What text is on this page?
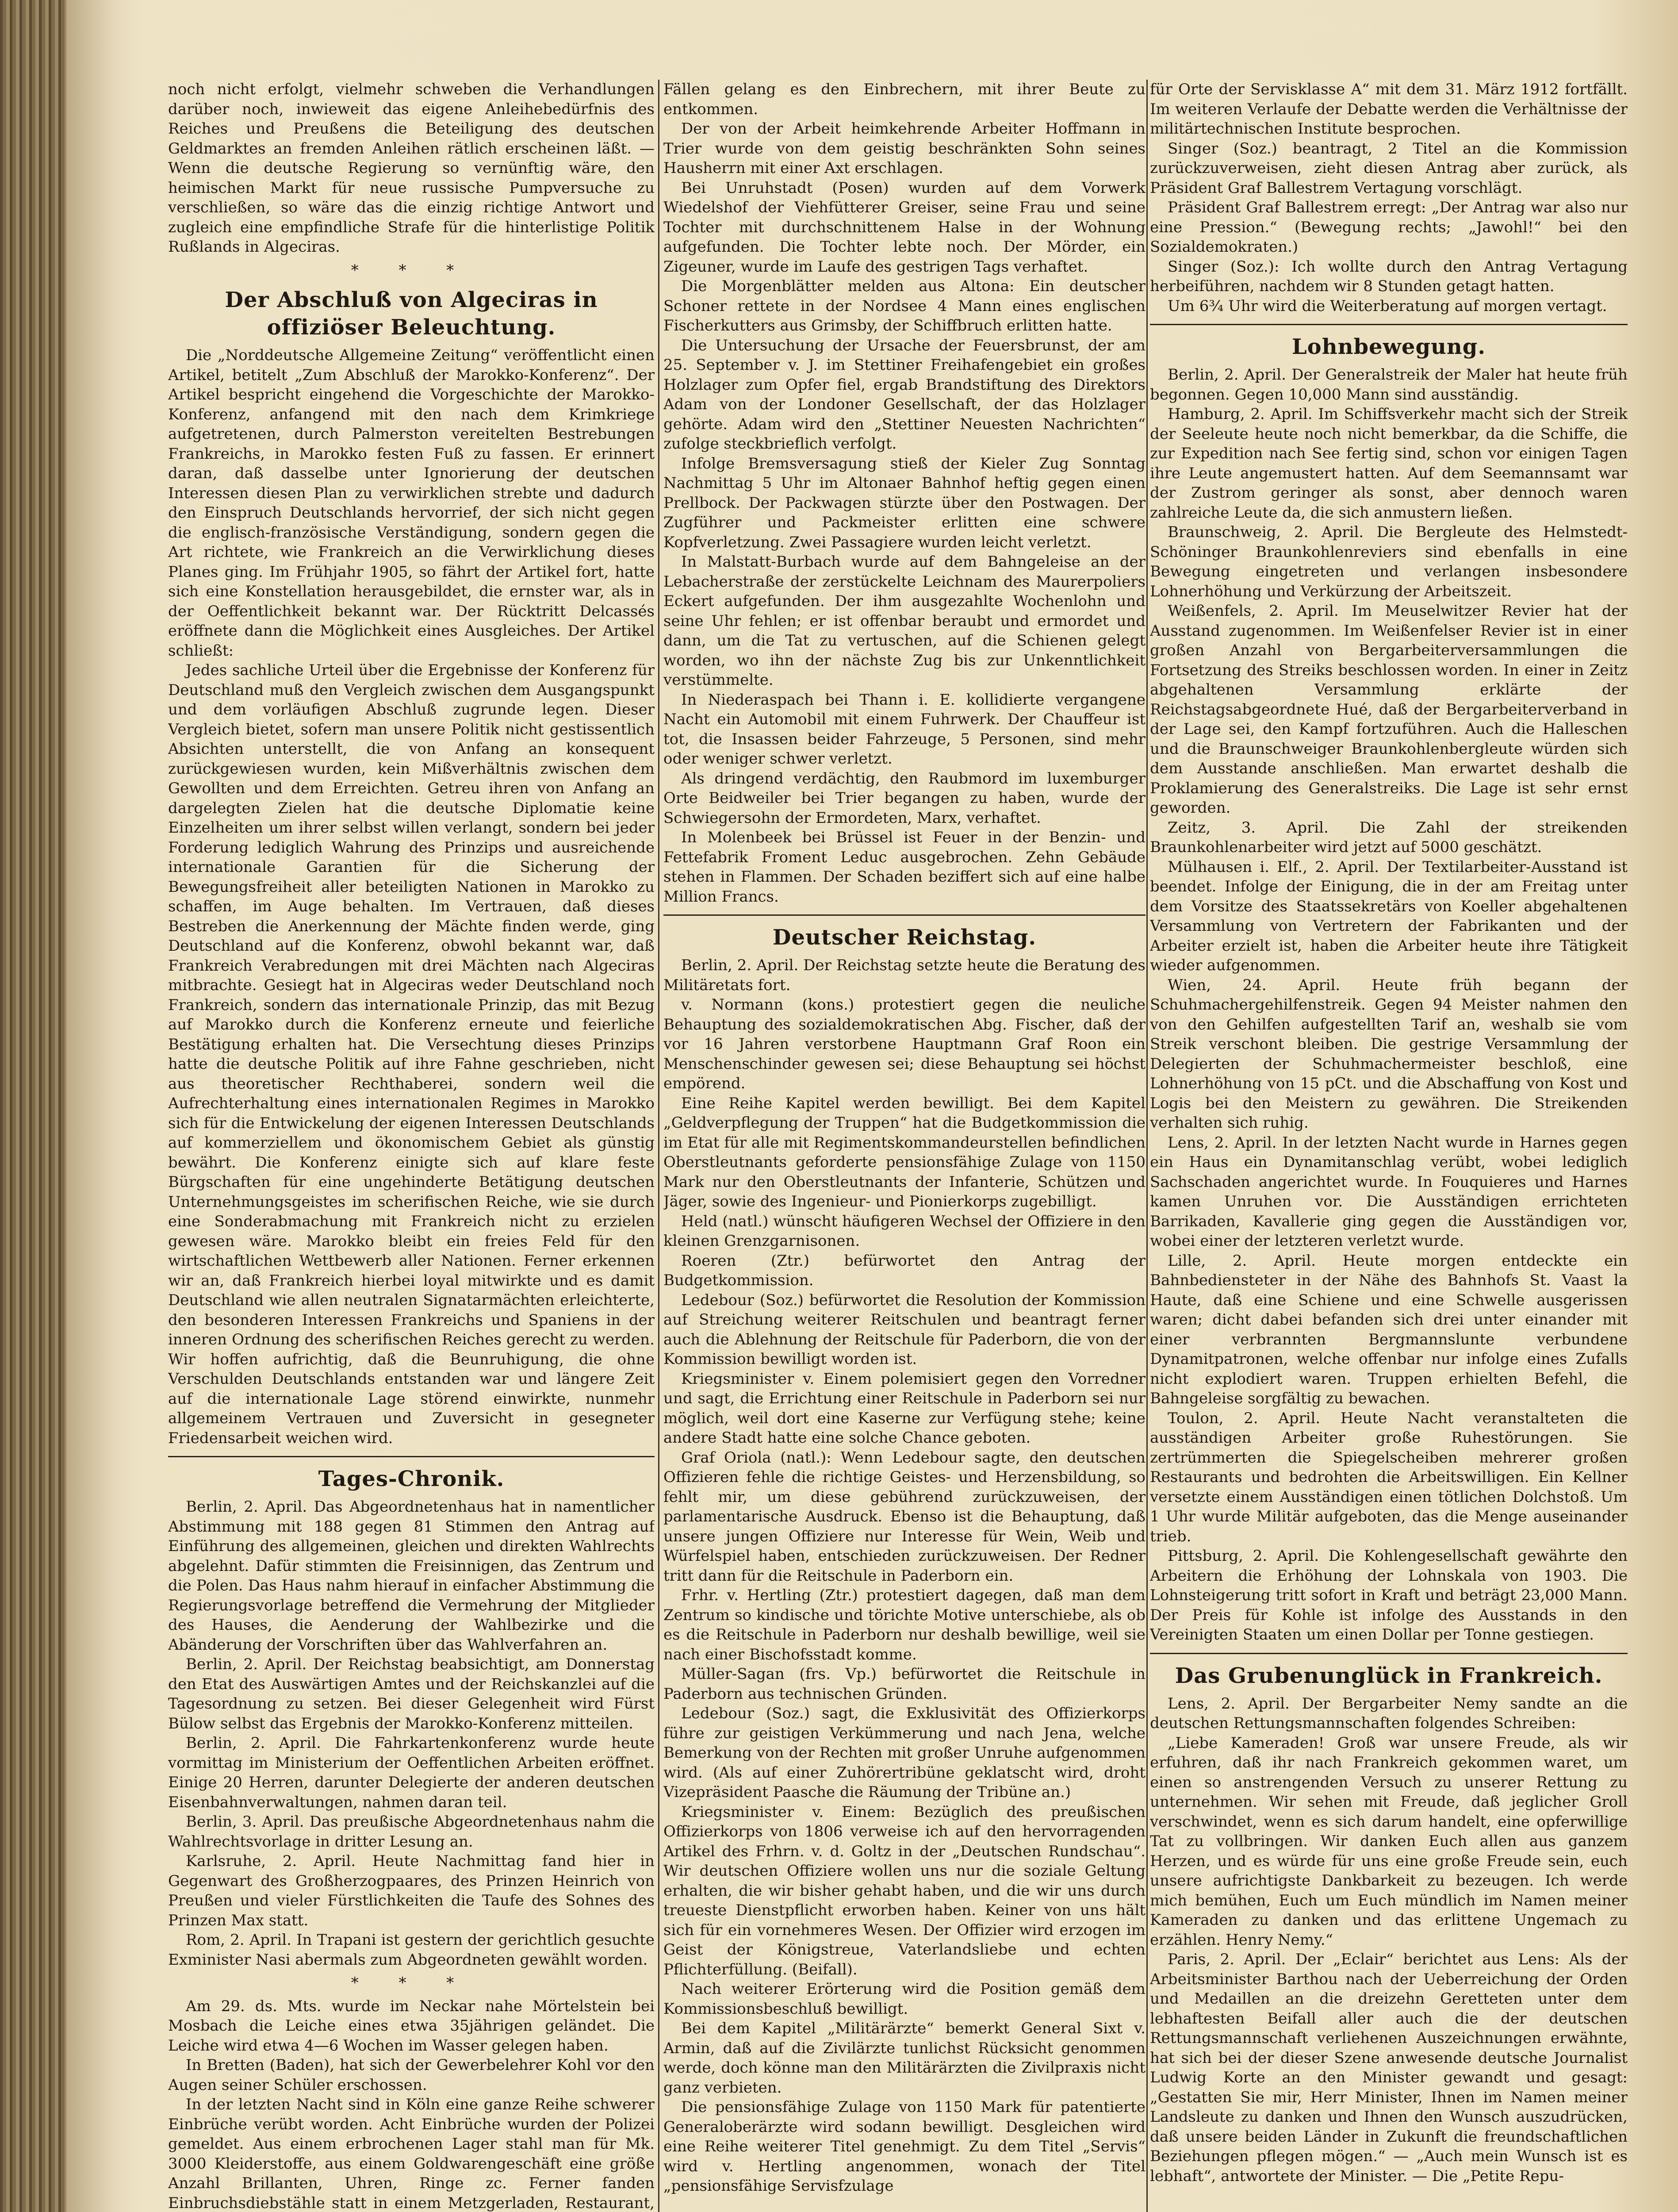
noch nicht erfolgt, vielmehr schweben die Verhandlungen darüber noch, inwieweit das eigene Anleihebedürfnis des Reiches und Preußens die Beteiligung des deutschen Geldmarktes an fremden Anleihen rätlich erscheinen läßt. — Wenn die deutsche Regierung so vernünftig wäre, den heimischen Markt für neue russische Pumpversuche zu verschließen, so wäre das die einzig richtige Antwort und zugleich eine empfindliche Strafe für die hinterlistige Politik Rußlands in Algeciras.

* * *
Der Abschluß von Algeciras in offiziöser Beleuchtung.

Die „Norddeutsche Allgemeine Zeitung“ veröffentlicht einen Artikel, betitelt „Zum Abschluß der Marokko-Konferenz“. Der Artikel bespricht eingehend die Vorgeschichte der Marokko-Konferenz, anfangend mit den nach dem Krimkriege aufgetretenen, durch Palmerston vereitelten Bestrebungen Frankreichs, in Marokko festen Fuß zu fassen. Er erinnert daran, daß dasselbe unter Ignorierung der deutschen Interessen diesen Plan zu verwirklichen strebte und dadurch den Einspruch Deutschlands hervorrief, der sich nicht gegen die englisch-französische Verständigung, sondern gegen die Art richtete, wie Frankreich an die Verwirklichung dieses Planes ging. Im Frühjahr 1905, so fährt der Artikel fort, hatte sich eine Konstellation herausgebildet, die ernster war, als in der Oeffentlichkeit bekannt war. Der Rücktritt Delcassés eröffnete dann die Möglichkeit eines Ausgleiches. Der Artikel schließt:

Jedes sachliche Urteil über die Ergebnisse der Konferenz für Deutschland muß den Vergleich zwischen dem Ausgangspunkt und dem vorläufigen Abschluß zugrunde legen. Dieser Vergleich bietet, sofern man unsere Politik nicht gestissentlich Absichten unterstellt, die von Anfang an konsequent zurückgewiesen wurden, kein Mißverhältnis zwischen dem Gewollten und dem Erreichten. Getreu ihren von Anfang an dargelegten Zielen hat die deutsche Diplomatie keine Einzelheiten um ihrer selbst willen verlangt, sondern bei jeder Forderung lediglich Wahrung des Prinzips und ausreichende internationale Garantien für die Sicherung der Bewegungsfreiheit aller beteiligten Nationen in Marokko zu schaffen, im Auge behalten. Im Vertrauen, daß dieses Bestreben die Anerkennung der Mächte finden werde, ging Deutschland auf die Konferenz, obwohl bekannt war, daß Frankreich Verabredungen mit drei Mächten nach Algeciras mitbrachte. Gesiegt hat in Algeciras weder Deutschland noch Frankreich, sondern das internationale Prinzip, das mit Bezug auf Marokko durch die Konferenz erneute und feierliche Bestätigung erhalten hat. Die Versechtung dieses Prinzips hatte die deutsche Politik auf ihre Fahne geschrieben, nicht aus theoretischer Rechthaberei, sondern weil die Aufrechterhaltung eines internationalen Regimes in Marokko sich für die Entwickelung der eigenen Interessen Deutschlands auf kommerziellem und ökonomischem Gebiet als günstig bewährt. Die Konferenz einigte sich auf klare feste Bürgschaften für eine ungehinderte Betätigung deutschen Unternehmungsgeistes im scherifischen Reiche, wie sie durch eine Sonderabmachung mit Frankreich nicht zu erzielen gewesen wäre. Marokko bleibt ein freies Feld für den wirtschaftlichen Wettbewerb aller Nationen. Ferner erkennen wir an, daß Frankreich hierbei loyal mitwirkte und es damit Deutschland wie allen neutralen Signatarmächten erleichterte, den besonderen Interessen Frankreichs und Spaniens in der inneren Ordnung des scherifischen Reiches gerecht zu werden. Wir hoffen aufrichtig, daß die Beunruhigung, die ohne Verschulden Deutschlands entstanden war und längere Zeit auf die internationale Lage störend einwirkte, nunmehr allgemeinem Vertrauen und Zuversicht in gesegneter Friedensarbeit weichen wird.

Tages-Chronik.

Berlin, 2. April. Das Abgeordnetenhaus hat in namentlicher Abstimmung mit 188 gegen 81 Stimmen den Antrag auf Einführung des allgemeinen, gleichen und direkten Wahlrechts abgelehnt. Dafür stimmten die Freisinnigen, das Zentrum und die Polen. Das Haus nahm hierauf in einfacher Abstimmung die Regierungsvorlage betreffend die Vermehrung der Mitglieder des Hauses, die Aenderung der Wahlbezirke und die Abänderung der Vorschriften über das Wahlverfahren an.

Berlin, 2. April. Der Reichstag beabsichtigt, am Donnerstag den Etat des Auswärtigen Amtes und der Reichskanzlei auf die Tagesordnung zu setzen. Bei dieser Gelegenheit wird Fürst Bülow selbst das Ergebnis der Marokko-Konferenz mitteilen.

Berlin, 2. April. Die Fahrkartenkonferenz wurde heute vormittag im Ministerium der Oeffentlichen Arbeiten eröffnet. Einige 20 Herren, darunter Delegierte der anderen deutschen Eisenbahnverwaltungen, nahmen daran teil.

Berlin, 3. April. Das preußische Abgeordnetenhaus nahm die Wahlrechtsvorlage in dritter Lesung an.

Karlsruhe, 2. April. Heute Nachmittag fand hier in Gegenwart des Großherzogpaares, des Prinzen Heinrich von Preußen und vieler Fürstlichkeiten die Taufe des Sohnes des Prinzen Max statt.

Rom, 2. April. In Trapani ist gestern der gerichtlich gesuchte Exminister Nasi abermals zum Abgeordneten gewählt worden.

* * *

Am 29. ds. Mts. wurde im Neckar nahe Mörtelstein bei Mosbach die Leiche eines etwa 35jährigen geländet. Die Leiche wird etwa 4—6 Wochen im Wasser gelegen haben.

In Bretten (Baden), hat sich der Gewerbelehrer Kohl vor den Augen seiner Schüler erschossen.

In der letzten Nacht sind in Köln eine ganze Reihe schwerer Einbrüche verübt worden. Acht Einbrüche wurden der Polizei gemeldet. Aus einem erbrochenen Lager stahl man für Mk. 3000 Kleiderstoffe, aus einem Goldwarengeschäft eine größe Anzahl Brillanten, Uhren, Ringe zc. Ferner fanden Einbruchsdiebstähle statt in einem Metzgerladen, Restaurant,

Fällen gelang es den Einbrechern, mit ihrer Beute zu entkommen.

Der von der Arbeit heimkehrende Arbeiter Hoffmann in Trier wurde von dem geistig beschränkten Sohn seines Hausherrn mit einer Axt erschlagen.

Bei Unruhstadt (Posen) wurden auf dem Vorwerk Wiedelshof der Viehfütterer Greiser, seine Frau und seine Tochter mit durchschnittenem Halse in der Wohnung aufgefunden. Die Tochter lebte noch. Der Mörder, ein Zigeuner, wurde im Laufe des gestrigen Tags verhaftet.

Die Morgenblätter melden aus Altona: Ein deutscher Schoner rettete in der Nordsee 4 Mann eines englischen Fischerkutters aus Grimsby, der Schiffbruch erlitten hatte.

Die Untersuchung der Ursache der Feuersbrunst, der am 25. September v. J. im Stettiner Freihafengebiet ein großes Holzlager zum Opfer fiel, ergab Brandstiftung des Direktors Adam von der Londoner Gesellschaft, der das Holzlager gehörte. Adam wird den „Stettiner Neuesten Nachrichten“ zufolge steckbrieflich verfolgt.

Infolge Bremsversagung stieß der Kieler Zug Sonntag Nachmittag 5 Uhr im Altonaer Bahnhof heftig gegen einen Prellbock. Der Packwagen stürzte über den Postwagen. Der Zugführer und Packmeister erlitten eine schwere Kopfverletzung. Zwei Passagiere wurden leicht verletzt.

In Malstatt-Burbach wurde auf dem Bahngeleise an der Lebacherstraße der zerstückelte Leichnam des Maurerpoliers Eckert aufgefunden. Der ihm ausgezahlte Wochenlohn und seine Uhr fehlen; er ist offenbar beraubt und ermordet und dann, um die Tat zu vertuschen, auf die Schienen gelegt worden, wo ihn der nächste Zug bis zur Unkenntlichkeit verstümmelte.

In Niederaspach bei Thann i. E. kollidierte vergangene Nacht ein Automobil mit einem Fuhrwerk. Der Chauffeur ist tot, die Insassen beider Fahrzeuge, 5 Personen, sind mehr oder weniger schwer verletzt.

Als dringend verdächtig, den Raubmord im luxemburger Orte Beidweiler bei Trier begangen zu haben, wurde der Schwiegersohn der Ermordeten, Marx, verhaftet.

In Molenbeek bei Brüssel ist Feuer in der Benzin- und Fettefabrik Froment Leduc ausgebrochen. Zehn Gebäude stehen in Flammen. Der Schaden beziffert sich auf eine halbe Million Francs.

Deutscher Reichstag.

Berlin, 2. April. Der Reichstag setzte heute die Beratung des Militäretats fort.

v. Normann (kons.) protestiert gegen die neuliche Behauptung des sozialdemokratischen Abg. Fischer, daß der vor 16 Jahren verstorbene Hauptmann Graf Roon ein Menschenschinder gewesen sei; diese Behauptung sei höchst empörend.

Eine Reihe Kapitel werden bewilligt. Bei dem Kapitel „Geldverpflegung der Truppen“ hat die Budgetkommission die im Etat für alle mit Regimentskommandeurstellen befindlichen Oberstleutnants geforderte pensionsfähige Zulage von 1150 Mark nur den Oberstleutnants der Infanterie, Schützen und Jäger, sowie des Ingenieur- und Pionierkorps zugebilligt.

Held (natl.) wünscht häufigeren Wechsel der Offiziere in den kleinen Grenzgarnisonen.

Roeren (Ztr.) befürwortet den Antrag der Budgetkommission.

Ledebour (Soz.) befürwortet die Resolution der Kommission auf Streichung weiterer Reitschulen und beantragt ferner auch die Ablehnung der Reitschule für Paderborn, die von der Kommission bewilligt worden ist.

Kriegsminister v. Einem polemisiert gegen den Vorredner und sagt, die Errichtung einer Reitschule in Paderborn sei nur möglich, weil dort eine Kaserne zur Verfügung stehe; keine andere Stadt hatte eine solche Chance geboten.

Graf Oriola (natl.): Wenn Ledebour sagte, den deutschen Offizieren fehle die richtige Geistes- und Herzensbildung, so fehlt mir, um diese gebührend zurückzuweisen, der parlamentarische Ausdruck. Ebenso ist die Behauptung, daß unsere jungen Offiziere nur Interesse für Wein, Weib und Würfelspiel haben, entschieden zurückzuweisen. Der Redner tritt dann für die Reitschule in Paderborn ein.

Frhr. v. Hertling (Ztr.) protestiert dagegen, daß man dem Zentrum so kindische und törichte Motive unterschiebe, als ob es die Reitschule in Paderborn nur deshalb bewillige, weil sie nach einer Bischofsstadt komme.

Müller-Sagan (frs. Vp.) befürwortet die Reitschule in Paderborn aus technischen Gründen.

Ledebour (Soz.) sagt, die Exklusivität des Offizierkorps führe zur geistigen Verkümmerung und nach Jena, welche Bemerkung von der Rechten mit großer Unruhe aufgenommen wird. (Als auf einer Zuhörertribüne geklatscht wird, droht Vizepräsident Paasche die Räumung der Tribüne an.)

Kriegsminister v. Einem: Bezüglich des preußischen Offizierkorps von 1806 verweise ich auf den hervorragenden Artikel des Frhrn. v. d. Goltz in der „Deutschen Rundschau“. Wir deutschen Offiziere wollen uns nur die soziale Geltung erhalten, die wir bisher gehabt haben, und die wir uns durch treueste Dienstpflicht erworben haben. Keiner von uns hält sich für ein vornehmeres Wesen. Der Offizier wird erzogen im Geist der Königstreue, Vaterlandsliebe und echten Pflichterfüllung. (Beifall).

Nach weiterer Erörterung wird die Position gemäß dem Kommissionsbeschluß bewilligt.

Bei dem Kapitel „Militärärzte“ bemerkt General Sixt v. Armin, daß auf die Zivilärzte tunlichst Rücksicht genommen werde, doch könne man den Militärärzten die Zivilpraxis nicht ganz verbieten.

Die pensionsfähige Zulage von 1150 Mark für patentierte Generaloberärzte wird sodann bewilligt. Desgleichen wird eine Reihe weiterer Titel genehmigt. Zu dem Titel „Servis“ wird v. Hertling angenommen, wonach der Titel „pensionsfähige Servisfzulage

für Orte der Servisklasse A“ mit dem 31. März 1912 fortfällt. Im weiteren Verlaufe der Debatte werden die Verhältnisse der militärtechnischen Institute besprochen.

Singer (Soz.) beantragt, 2 Titel an die Kommission zurückzuverweisen, zieht diesen Antrag aber zurück, als Präsident Graf Ballestrem Vertagung vorschlägt.

Präsident Graf Ballestrem erregt: „Der Antrag war also nur eine Pression.“ (Bewegung rechts; „Jawohl!“ bei den Sozialdemokraten.)

Singer (Soz.): Ich wollte durch den Antrag Vertagung herbeiführen, nachdem wir 8 Stunden getagt hatten.

Um 6¾ Uhr wird die Weiterberatung auf morgen vertagt.

Lohnbewegung.

Berlin, 2. April. Der Generalstreik der Maler hat heute früh begonnen. Gegen 10,000 Mann sind ausständig.

Hamburg, 2. April. Im Schiffsverkehr macht sich der Streik der Seeleute heute noch nicht bemerkbar, da die Schiffe, die zur Expedition nach See fertig sind, schon vor einigen Tagen ihre Leute angemustert hatten. Auf dem Seemannsamt war der Zustrom geringer als sonst, aber dennoch waren zahlreiche Leute da, die sich anmustern ließen.

Braunschweig, 2. April. Die Bergleute des Helmstedt-Schöninger Braunkohlenreviers sind ebenfalls in eine Bewegung eingetreten und verlangen insbesondere Lohnerhöhung und Verkürzung der Arbeitszeit.

Weißenfels, 2. April. Im Meuselwitzer Revier hat der Ausstand zugenommen. Im Weißenfelser Revier ist in einer großen Anzahl von Bergarbeiterversammlungen die Fortsetzung des Streiks beschlossen worden. In einer in Zeitz abgehaltenen Versammlung erklärte der Reichstagsabgeordnete Hué, daß der Bergarbeiterverband in der Lage sei, den Kampf fortzuführen. Auch die Halleschen und die Braunschweiger Braunkohlenbergleute würden sich dem Ausstande anschließen. Man erwartet deshalb die Proklamierung des Generalstreiks. Die Lage ist sehr ernst geworden.

Zeitz, 3. April. Die Zahl der streikenden Braunkohlenarbeiter wird jetzt auf 5000 geschätzt.

Mülhausen i. Elf., 2. April. Der Textilarbeiter-Ausstand ist beendet. Infolge der Einigung, die in der am Freitag unter dem Vorsitze des Staatssekretärs von Koeller abgehaltenen Versammlung von Vertretern der Fabrikanten und der Arbeiter erzielt ist, haben die Arbeiter heute ihre Tätigkeit wieder aufgenommen.

Wien, 24. April. Heute früh begann der Schuhmachergehilfenstreik. Gegen 94 Meister nahmen den von den Gehilfen aufgestellten Tarif an, weshalb sie vom Streik verschont bleiben. Die gestrige Versammlung der Delegierten der Schuhmachermeister beschloß, eine Lohnerhöhung von 15 pCt. und die Abschaffung von Kost und Logis bei den Meistern zu gewähren. Die Streikenden verhalten sich ruhig.

Lens, 2. April. In der letzten Nacht wurde in Harnes gegen ein Haus ein Dynamitanschlag verübt, wobei lediglich Sachschaden angerichtet wurde. In Fouquieres und Harnes kamen Unruhen vor. Die Ausständigen errichteten Barrikaden, Kavallerie ging gegen die Ausständigen vor, wobei einer der letzteren verletzt wurde.

Lille, 2. April. Heute morgen entdeckte ein Bahnbediensteter in der Nähe des Bahnhofs St. Vaast la Haute, daß eine Schiene und eine Schwelle ausgerissen waren; dicht dabei befanden sich drei unter einander mit einer verbrannten Bergmannslunte verbundene Dynamitpatronen, welche offenbar nur infolge eines Zufalls nicht explodiert waren. Truppen erhielten Befehl, die Bahngeleise sorgfältig zu bewachen.

Toulon, 2. April. Heute Nacht veranstalteten die ausständigen Arbeiter große Ruhestörungen. Sie zertrümmerten die Spiegelscheiben mehrerer großen Restaurants und bedrohten die Arbeitswilligen. Ein Kellner versetzte einem Ausständigen einen tötlichen Dolchstoß. Um 1 Uhr wurde Militär aufgeboten, das die Menge auseinander trieb.

Pittsburg, 2. April. Die Kohlengesellschaft gewährte den Arbeitern die Erhöhung der Lohnskala von 1903. Die Lohnsteigerung tritt sofort in Kraft und beträgt 23,000 Mann. Der Preis für Kohle ist infolge des Ausstands in den Vereinigten Staaten um einen Dollar per Tonne gestiegen.

Das Grubenunglück in Frankreich.

Lens, 2. April. Der Bergarbeiter Nemy sandte an die deutschen Rettungsmannschaften folgendes Schreiben:

„Liebe Kameraden! Groß war unsere Freude, als wir erfuhren, daß ihr nach Frankreich gekommen waret, um einen so anstrengenden Versuch zu unserer Rettung zu unternehmen. Wir sehen mit Freude, daß jeglicher Groll verschwindet, wenn es sich darum handelt, eine opferwillige Tat zu vollbringen. Wir danken Euch allen aus ganzem Herzen, und es würde für uns eine große Freude sein, euch unsere aufrichtigste Dankbarkeit zu bezeugen. Ich werde mich bemühen, Euch um Euch mündlich im Namen meiner Kameraden zu danken und das erlittene Ungemach zu erzählen. Henry Nemy.“

Paris, 2. April. Der „Eclair“ berichtet aus Lens: Als der Arbeitsminister Barthou nach der Ueberreichung der Orden und Medaillen an die dreizehn Geretteten unter dem lebhaftesten Beifall aller auch die der deutschen Rettungsmannschaft verliehenen Auszeichnungen erwähnte, hat sich bei der dieser Szene anwesende deutsche Journalist Ludwig Korte an den Minister gewandt und gesagt: „Gestatten Sie mir, Herr Minister, Ihnen im Namen meiner Landsleute zu danken und Ihnen den Wunsch auszudrücken, daß unsere beiden Länder in Zukunft die freundschaftlichen Beziehungen pflegen mögen.“ — „Auch mein Wunsch ist es lebhaft“, antwortete der Minister. — Die „Petite Repu-
